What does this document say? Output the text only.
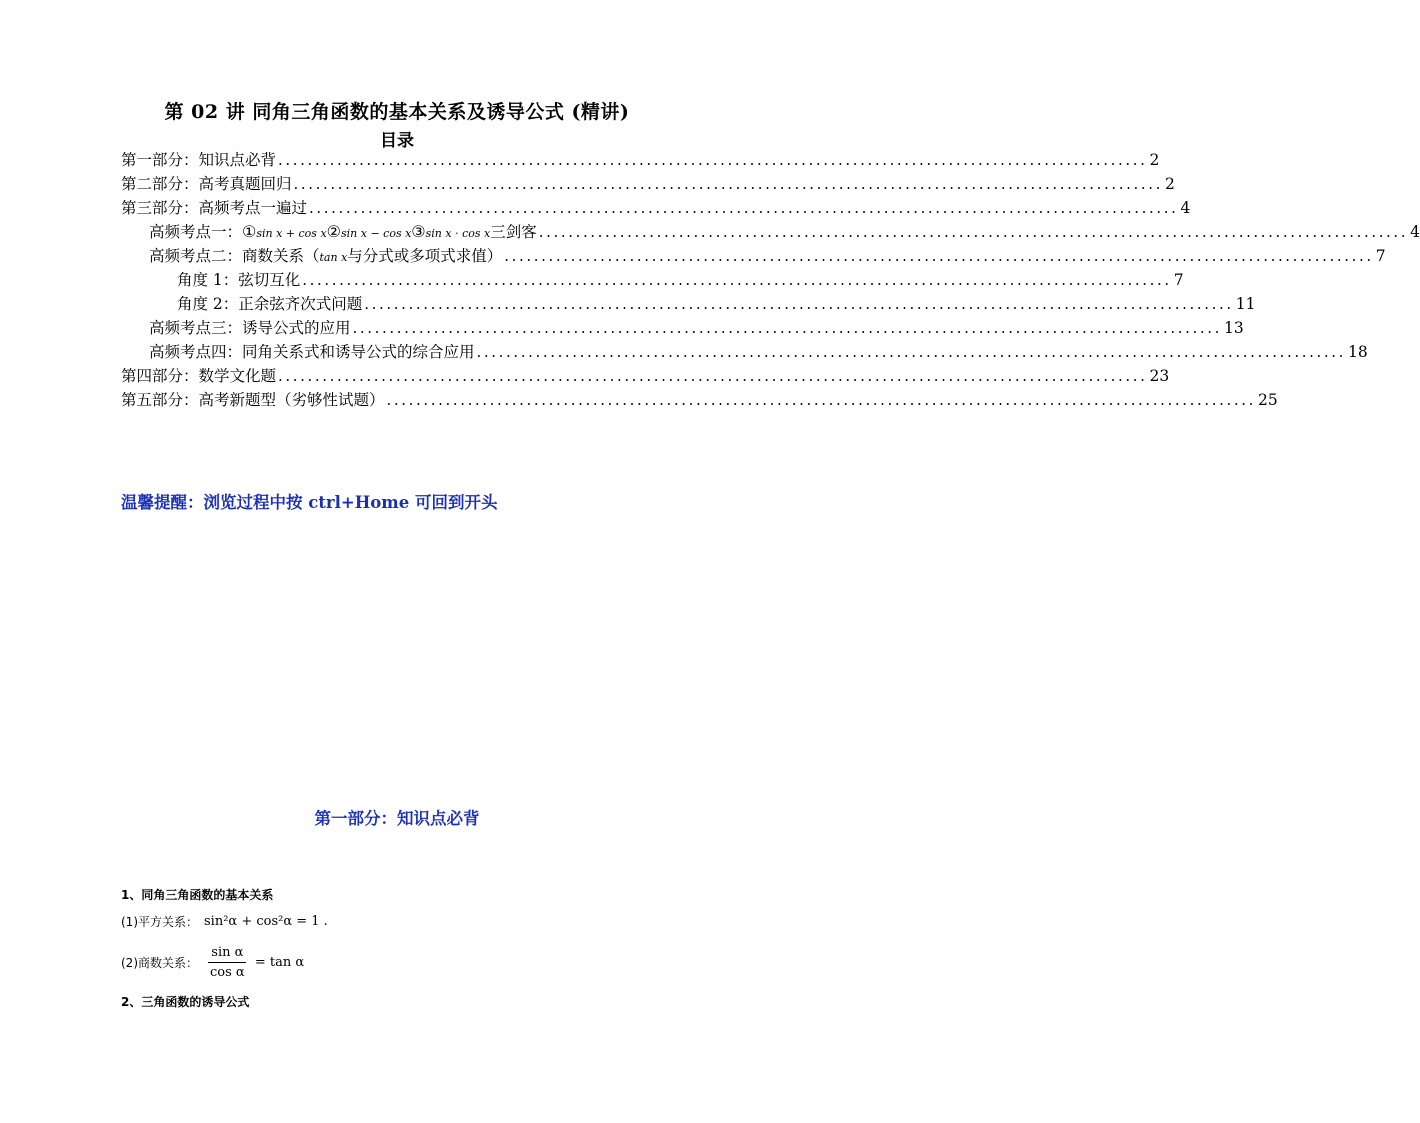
第 02 讲 同角三角函数的基本关系及诱导公式 (精讲)
目录
第一部分：知识点必背 ...................................................................................................................... 2
第二部分：高考真题回归 ...................................................................................................................... 2
第三部分：高频考点一遍过 ...................................................................................................................... 4
高频考点一：①sin x + cos x②sin x − cos x③sin x · cos x三剑客 ...................................................................................................................... 4
高频考点二：商数关系（tan x与分式或多项式求值） ...................................................................................................................... 7
角度 1：弦切互化 ...................................................................................................................... 7
角度 2：正余弦齐次式问题 ...................................................................................................................... 11
高频考点三：诱导公式的应用 ...................................................................................................................... 13
高频考点四：同角关系式和诱导公式的综合应用 ...................................................................................................................... 18
第四部分：数学文化题 ...................................................................................................................... 23
第五部分：高考新题型（劣够性试题） ...................................................................................................................... 25
温馨提醒：浏览过程中按 ctrl+Home 可回到开头
第一部分：知识点必背
1、同角三角函数的基本关系
(1)平方关系： sin²α + cos²α = 1 .
(2)商数关系： $\frac{\text{sin α}}{\text{cos α}} = \tan \alpha$
2、三角函数的诱导公式
